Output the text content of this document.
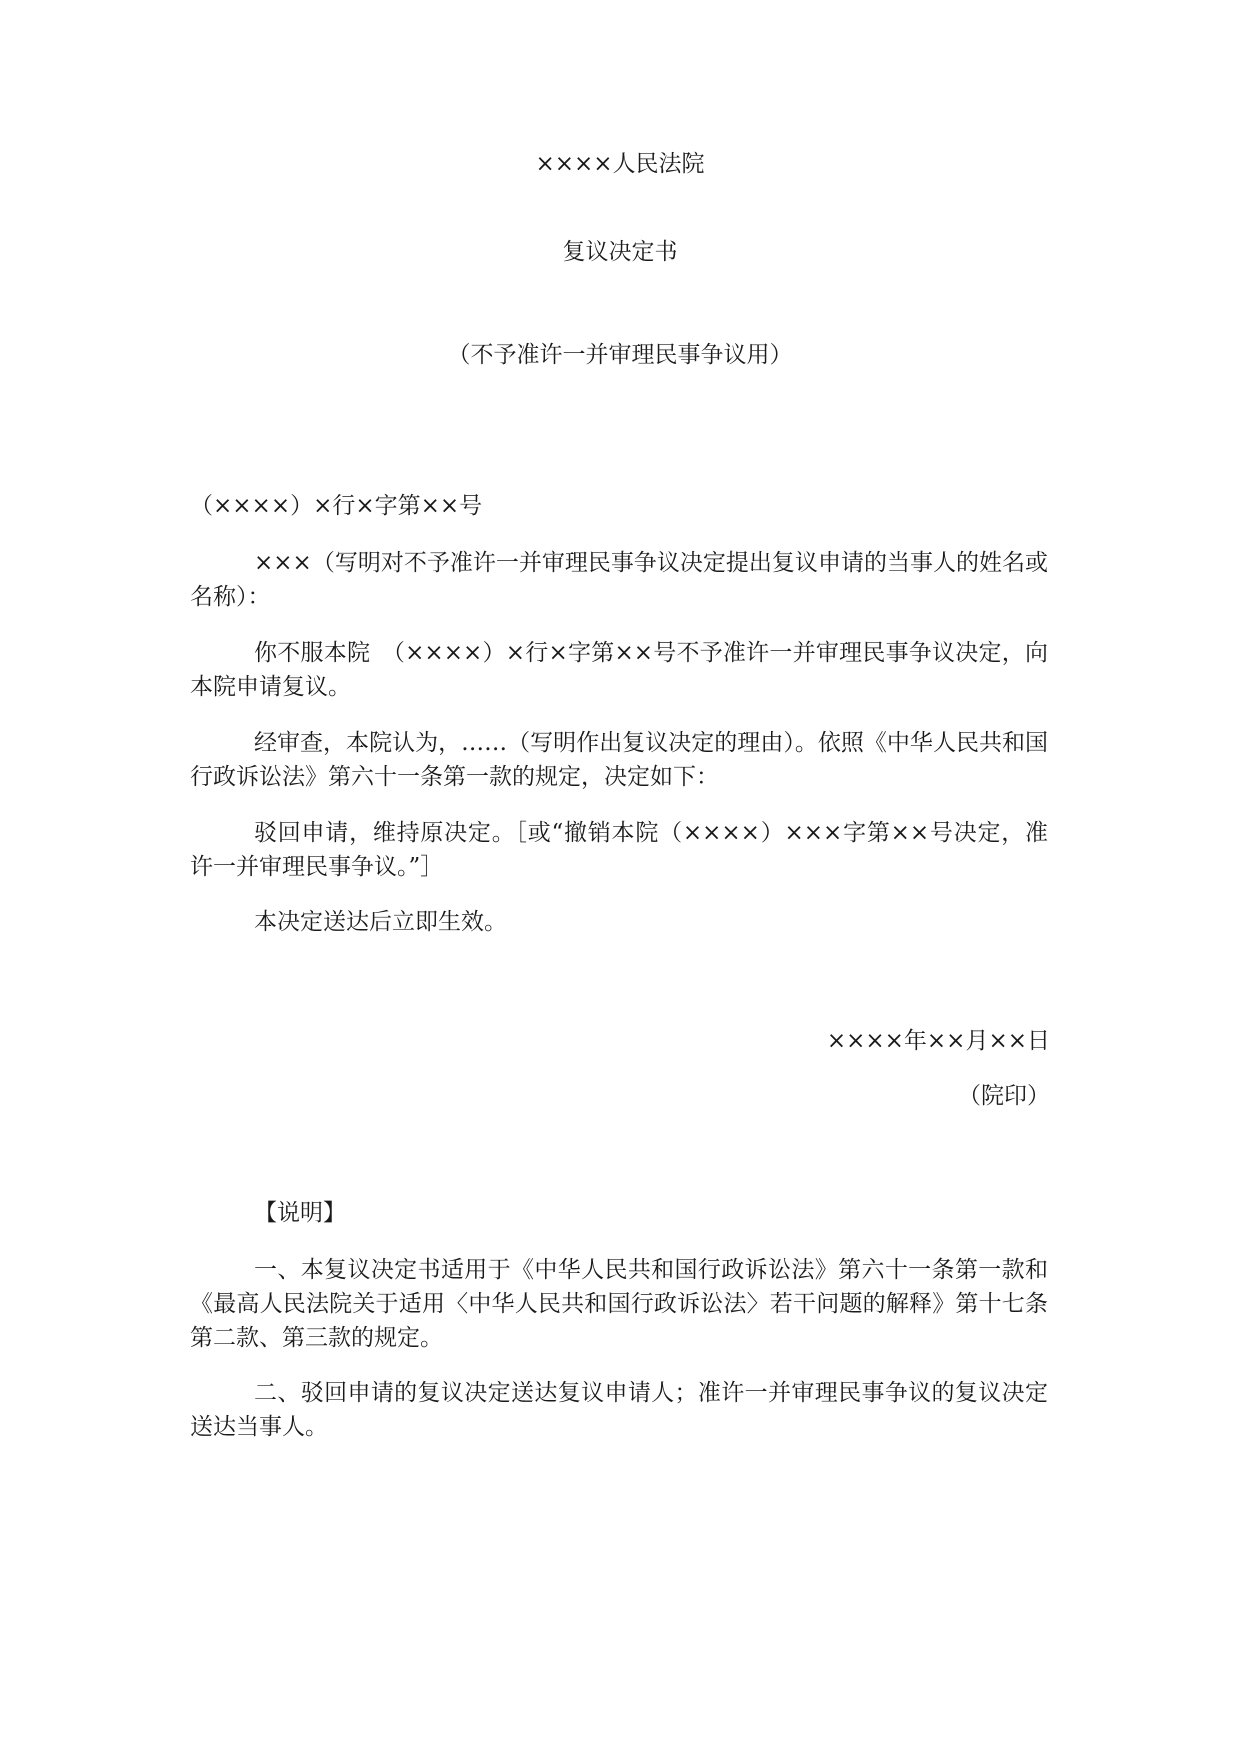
××××人民法院
复议决定书
（不予准许一并审理民事争议用）
（××××）×行×字第××号
×××（写明对不予准许一并审理民事争议决定提出复议申请的当事人的姓名或名称）：
你不服本院　（××××）×行×字第××号不予准许一并审理民事争议决定，向本院申请复议。
经审查，本院认为，……（写明作出复议决定的理由）。依照《中华人民共和国行政诉讼法》第六十一条第一款的规定，决定如下：
驳回申请，维持原决定。［或“撤销本院（××××）×××字第××号决定，准许一并审理民事争议。”］
本决定送达后立即生效。
××××年××月××日
（院印）
【说明】
一、本复议决定书适用于《中华人民共和国行政诉讼法》第六十一条第一款和《最高人民法院关于适用〈中华人民共和国行政诉讼法〉若干问题的解释》第十七条第二款、第三款的规定。
二、驳回申请的复议决定送达复议申请人；准许一并审理民事争议的复议决定送达当事人。
